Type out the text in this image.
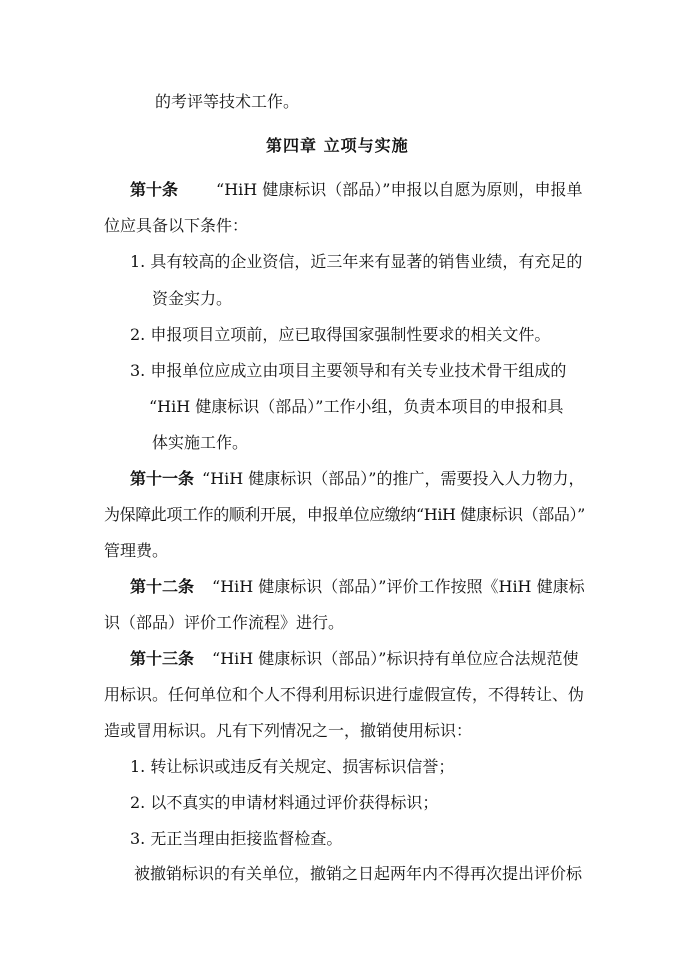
的考评等技术工作。
第四章 立项与实施
第十条 “HiH 健康标识（部品）”申报以自愿为原则，申报单
位应具备以下条件：
1. 具有较高的企业资信，近三年来有显著的销售业绩，有充足的
资金实力。
2. 申报项目立项前，应已取得国家强制性要求的相关文件。
3. 申报单位应成立由项目主要领导和有关专业技术骨干组成的
“HiH 健康标识（部品）”工作小组，负责本项目的申报和具
体实施工作。
第十一条 “HiH 健康标识（部品）”的推广，需要投入人力物力，
为保障此项工作的顺利开展，申报单位应缴纳“HiH 健康标识（部品）”
管理费。
第十二条 “HiH 健康标识（部品）”评价工作按照《HiH 健康标
识（部品）评价工作流程》进行。
第十三条 “HiH 健康标识（部品）”标识持有单位应合法规范使
用标识。任何单位和个人不得利用标识进行虚假宣传，不得转让、伪
造或冒用标识。凡有下列情况之一，撤销使用标识：
1. 转让标识或违反有关规定、损害标识信誉；
2. 以不真实的申请材料通过评价获得标识；
3. 无正当理由拒接监督检查。
被撤销标识的有关单位，撤销之日起两年内不得再次提出评价标
